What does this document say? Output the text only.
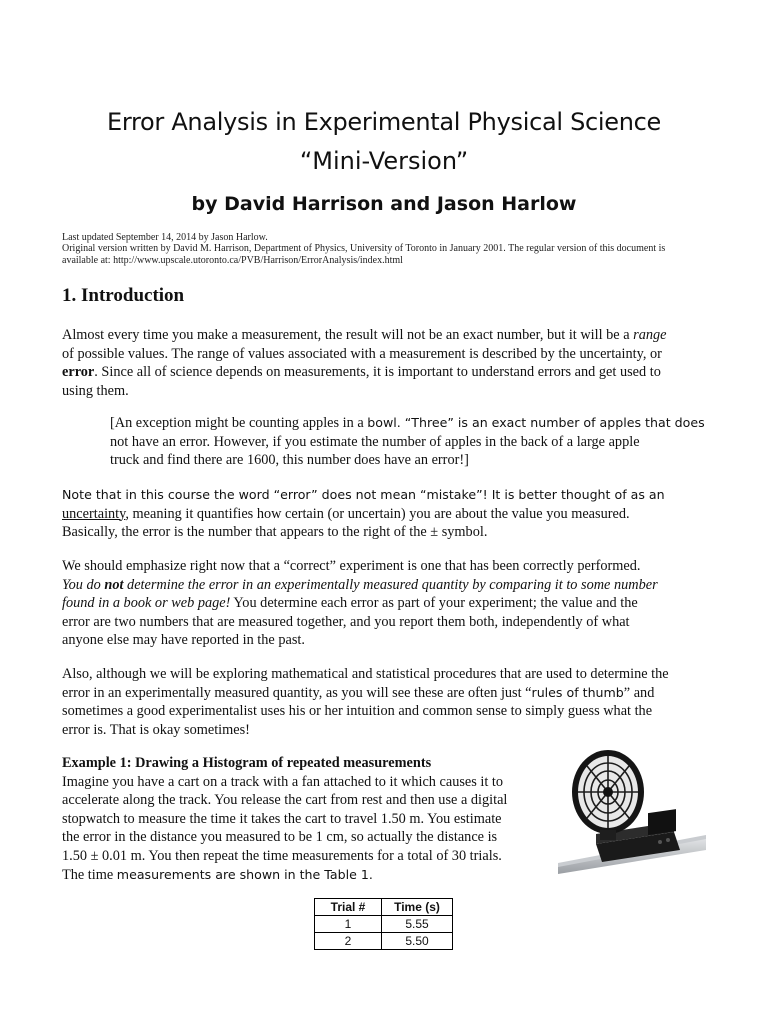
Error Analysis in Experimental Physical Science
“Mini-Version”
by David Harrison and Jason Harlow
Last updated September 14, 2014 by Jason Harlow.
Original version written by David M. Harrison, Department of Physics, University of Toronto in January 2001. The regular version of this document is
available at: http://www.upscale.utoronto.ca/PVB/Harrison/ErrorAnalysis/index.html
1. Introduction
Almost every time you make a measurement, the result will not be an exact number, but it will be a range
of possible values. The range of values associated with a measurement is described by the uncertainty, or
error. Since all of science depends on measurements, it is important to understand errors and get used to
using them.
[An exception might be counting apples in a bowl. “Three” is an exact number of apples that does
not have an error. However, if you estimate the number of apples in the back of a large apple
truck and find there are 1600, this number does have an error!]
Note that in this course the word “error” does not mean “mistake”! It is better thought of as an
uncertainty, meaning it quantifies how certain (or uncertain) you are about the value you measured.
Basically, the error is the number that appears to the right of the ± symbol.
We should emphasize right now that a “correct” experiment is one that has been correctly performed.
You do not determine the error in an experimentally measured quantity by comparing it to some number
found in a book or web page! You determine each error as part of your experiment; the value and the
error are two numbers that are measured together, and you report them both, independently of what
anyone else may have reported in the past.
Also, although we will be exploring mathematical and statistical procedures that are used to determine the
error in an experimentally measured quantity, as you will see these are often just “rules of thumb” and
sometimes a good experimentalist uses his or her intuition and common sense to simply guess what the
error is. That is okay sometimes!
Example 1: Drawing a Histogram of repeated measurements
Imagine you have a cart on a track with a fan attached to it which causes it to
accelerate along the track. You release the cart from rest and then use a digital
stopwatch to measure the time it takes the cart to travel 1.50 m. You estimate
the error in the distance you measured to be 1 cm, so actually the distance is
1.50 ± 0.01 m. You then repeat the time measurements for a total of 30 trials.
The time measurements are shown in the Table 1.
Trial #	Time (s)
1	5.55
2	5.50
